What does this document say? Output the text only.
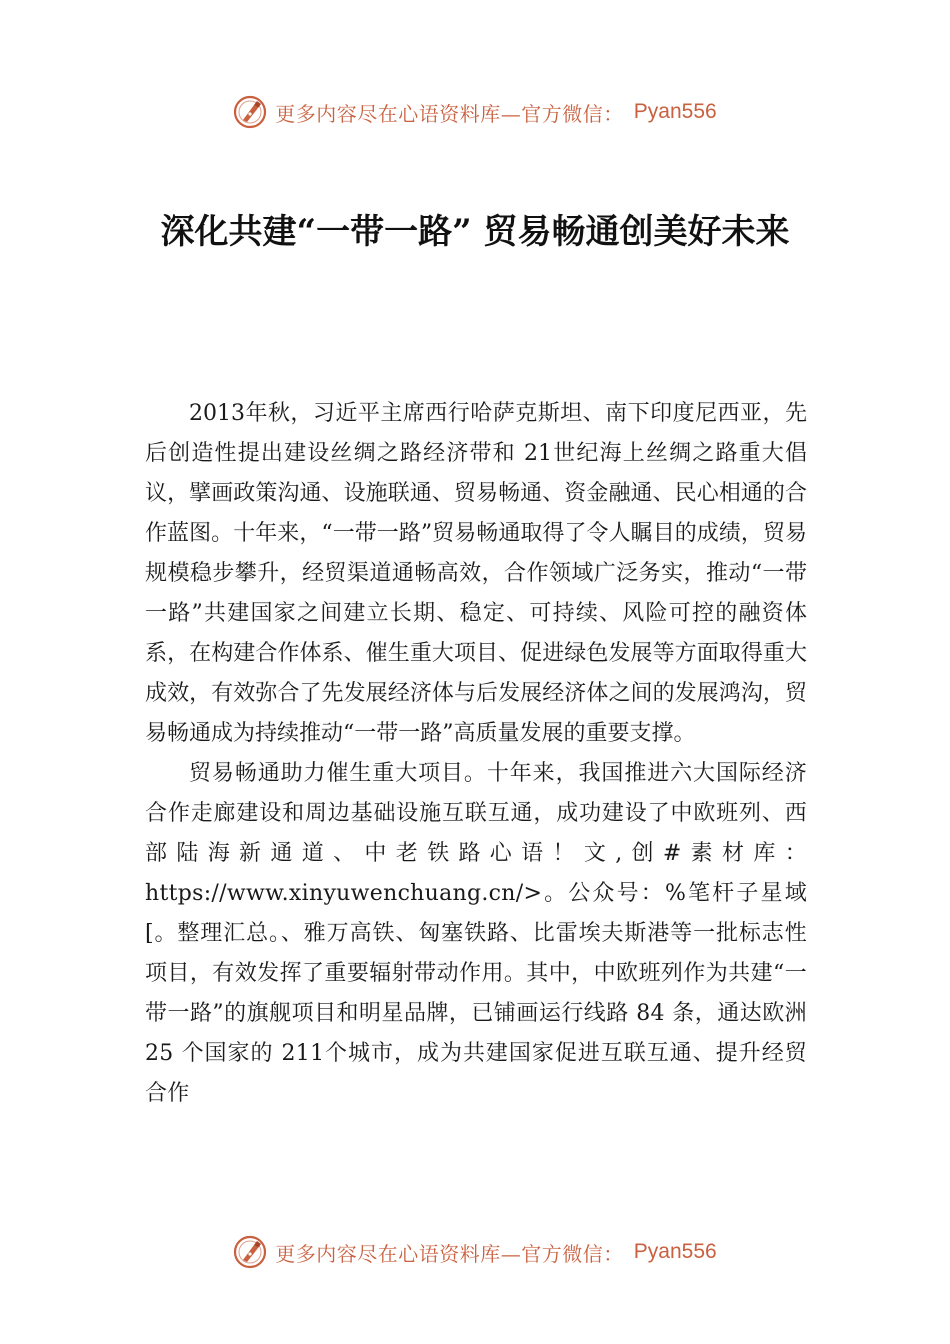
更多内容尽在心语资料库—官方微信： Pyan556
深化共建“一带一路” 贸易畅通创美好未来

2013年秋，习近平主席西行哈萨克斯坦、南下印度尼西亚，先后创造性提出建设丝绸之路经济带和 21世纪海上丝绸之路重大倡议，擘画政策沟通、设施联通、贸易畅通、资金融通、民心相通的合作蓝图。十年来，“一带一路”贸易畅通取得了令人瞩目的成绩，贸易规模稳步攀升，经贸渠道通畅高效，合作领域广泛务实，推动“一带一路”共建国家之间建立长期、稳定、可持续、风险可控的融资体系，在构建合作体系、催生重大项目、促进绿色发展等方面取得重大成效，有效弥合了先发展经济体与后发展经济体之间的发展鸿沟，贸易畅通成为持续推动“一带一路”高质量发展的重要支撑。

贸易畅通助力催生重大项目。十年来，我国推进六大国际经济合作走廊建设和周边基础设施互联互通，成功建设了中欧班列、西部陆海新通道、中老铁路心语！文,创#素材库：https://www.xinyuwenchuang.cn/>。公众号：%笔杆子星域[。整理汇总。、雅万高铁、匈塞铁路、比雷埃夫斯港等一批标志性项目，有效发挥了重要辐射带动作用。其中，中欧班列作为共建“一带一路”的旗舰项目和明星品牌，已铺画运行线路 84 条，通达欧洲 25 个国家的 211个城市，成为共建国家促进互联互通、提升经贸合作

更多内容尽在心语资料库—官方微信： Pyan556
